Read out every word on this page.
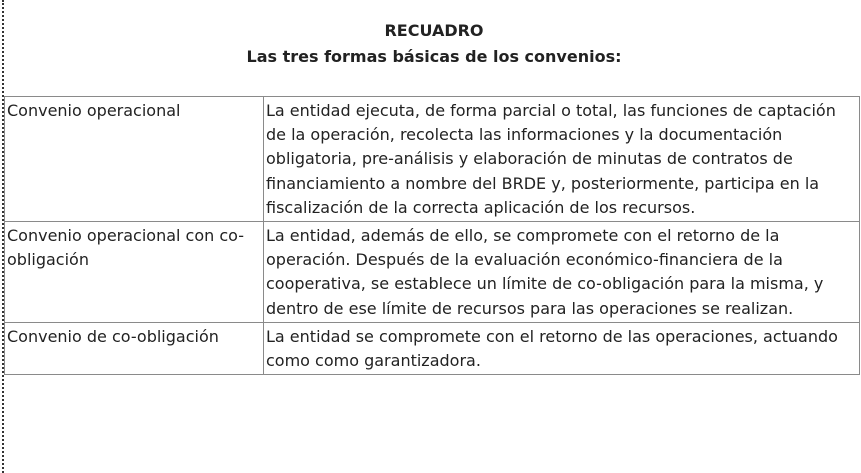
RECUADRO
Las tres formas básicas de los convenios:
Convenio operacional	La entidad ejecuta, de forma parcial o total, las funciones de captación de la operación, recolecta las informaciones y la documentación obligatoria, pre-análisis y elaboración de minutas de contratos de financiamiento a nombre del BRDE y, posteriormente, participa en la fiscalización de la correcta aplicación de los recursos.
Convenio operacional con co-obligación	La entidad, además de ello, se compromete con el retorno de la operación. Después de la evaluación económico-financiera de la cooperativa, se establece un límite de co-obligación para la misma, y dentro de ese límite de recursos para las operaciones se realizan.
Convenio de co-obligación	La entidad se compromete con el retorno de las operaciones, actuando como como garantizadora.
